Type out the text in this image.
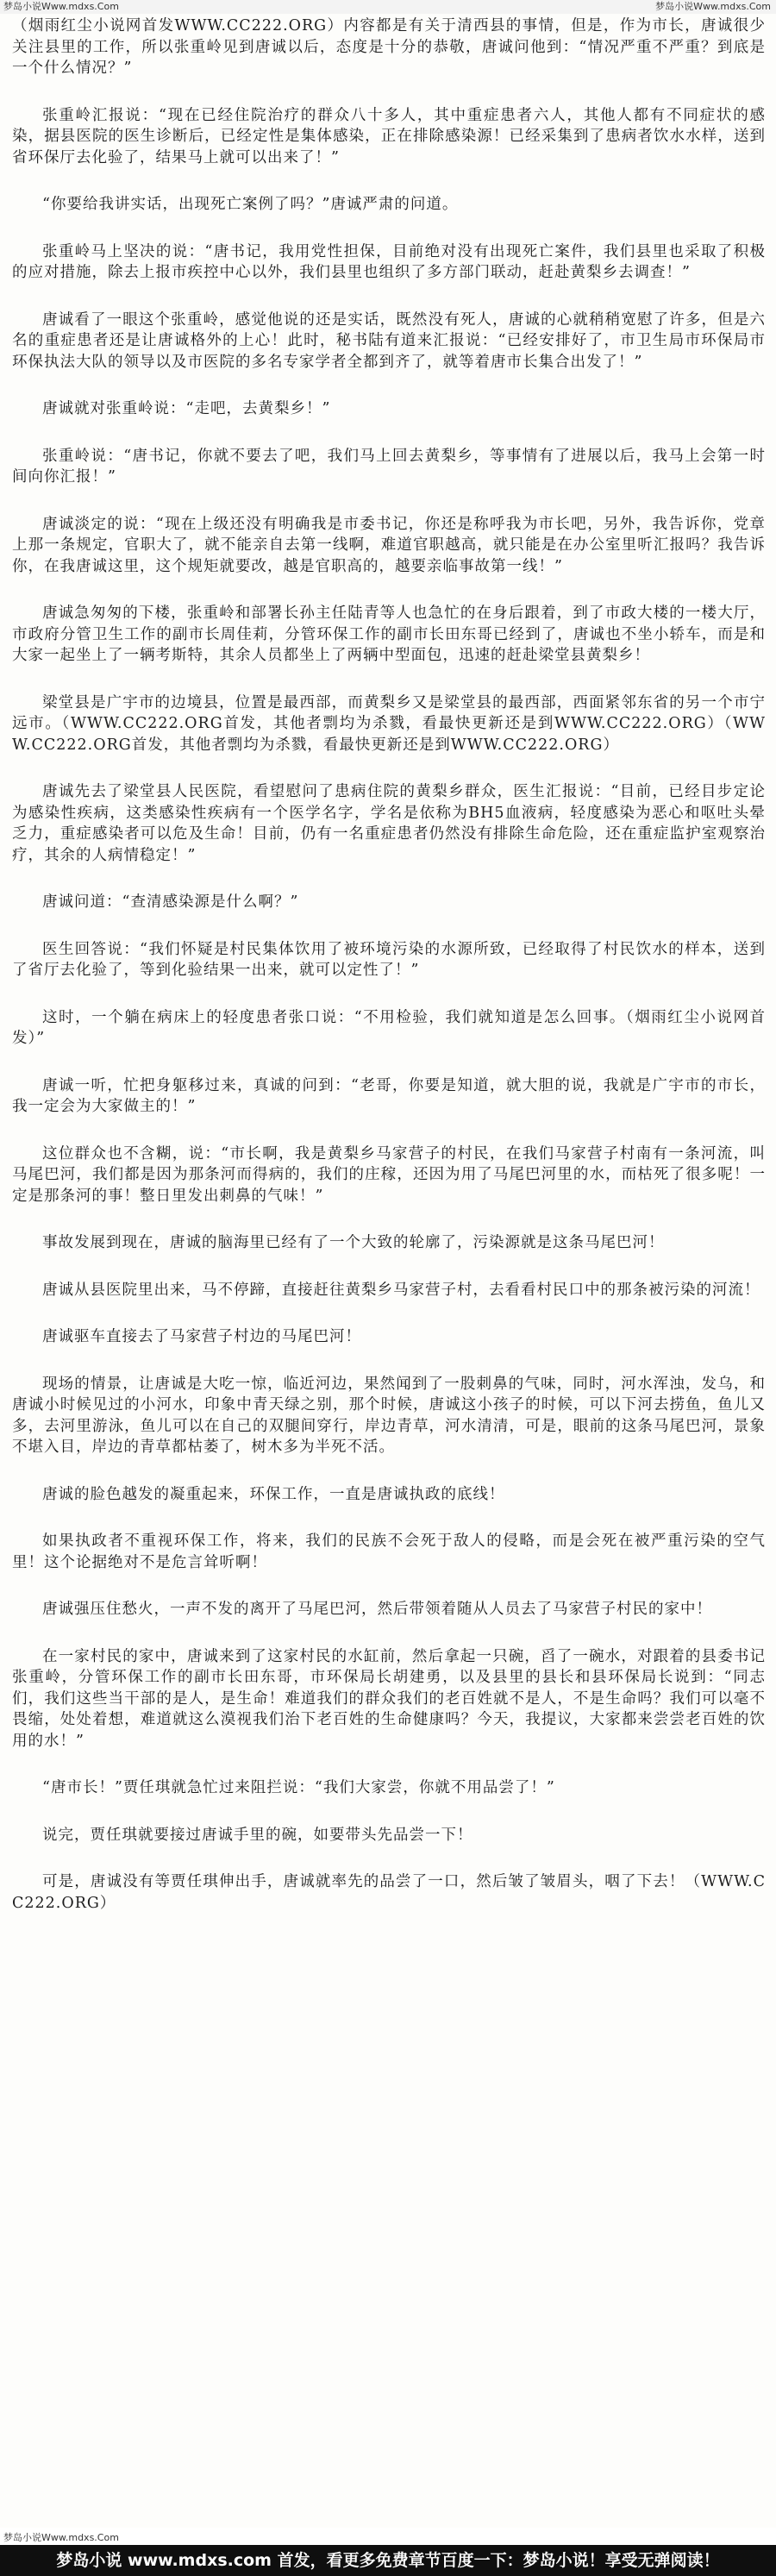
梦岛小说Www.mdxs.Com	梦岛小说Www.mdxs.Com

（烟雨红尘小说网首发WWW.CC222.ORG）内容都是有关于清西县的事情，但是，作为市长，唐诚很少关注县里的工作，所以张重岭见到唐诚以后，态度是十分的恭敬，唐诚问他到：“情况严重不严重？到底是一个什么情况？”

张重岭汇报说：“现在已经住院治疗的群众八十多人，其中重症患者六人，其他人都有不同症状的感染，据县医院的医生诊断后，已经定性是集体感染，正在排除感染源！已经采集到了患病者饮水水样，送到省环保厅去化验了，结果马上就可以出来了！”

“你要给我讲实话，出现死亡案例了吗？”唐诚严肃的问道。

张重岭马上坚决的说：“唐书记，我用党性担保，目前绝对没有出现死亡案件，我们县里也采取了积极的应对措施，除去上报市疾控中心以外，我们县里也组织了多方部门联动，赶赴黄梨乡去调查！”

唐诚看了一眼这个张重岭，感觉他说的还是实话，既然没有死人，唐诚的心就稍稍宽慰了许多，但是六名的重症患者还是让唐诚格外的上心！此时，秘书陆有道来汇报说：“已经安排好了，市卫生局市环保局市环保执法大队的领导以及市医院的多名专家学者全都到齐了，就等着唐市长集合出发了！”

唐诚就对张重岭说：“走吧，去黄梨乡！”

张重岭说：“唐书记，你就不要去了吧，我们马上回去黄梨乡，等事情有了进展以后，我马上会第一时间向你汇报！”

唐诚淡定的说：“现在上级还没有明确我是市委书记，你还是称呼我为市长吧，另外，我告诉你，党章上那一条规定，官职大了，就不能亲自去第一线啊，难道官职越高，就只能是在办公室里听汇报吗？我告诉你，在我唐诚这里，这个规矩就要改，越是官职高的，越要亲临事故第一线！”

唐诚急匆匆的下楼，张重岭和部署长孙主任陆青等人也急忙的在身后跟着，到了市政大楼的一楼大厅，市政府分管卫生工作的副市长周佳莉，分管环保工作的副市长田东哥已经到了，唐诚也不坐小轿车，而是和大家一起坐上了一辆考斯特，其余人员都坐上了两辆中型面包，迅速的赶赴梁堂县黄梨乡！

梁堂县是广宇市的边境县，位置是最西部，而黄梨乡又是梁堂县的最西部，西面紧邻东省的另一个市宁远市。（WWW.CC222.ORG首发，其他者剽均为杀戮，看最快更新还是到WWW.CC222.ORG）（WWW.CC222.ORG首发，其他者剽均为杀戮，看最快更新还是到WWW.CC222.ORG）

唐诚先去了梁堂县人民医院，看望慰问了患病住院的黄梨乡群众，医生汇报说：“目前，已经目步定论为感染性疾病，这类感染性疾病有一个医学名字，学名是依称为BH5血液病，轻度感染为恶心和呕吐头晕乏力，重症感染者可以危及生命！目前，仍有一名重症患者仍然没有排除生命危险，还在重症监护室观察治疗，其余的人病情稳定！”

唐诚问道：“查清感染源是什么啊？”

医生回答说：“我们怀疑是村民集体饮用了被环境污染的水源所致，已经取得了村民饮水的样本，送到了省厅去化验了，等到化验结果一出来，就可以定性了！”

这时，一个躺在病床上的轻度患者张口说：“不用检验，我们就知道是怎么回事。（烟雨红尘小说网首发）”

唐诚一听，忙把身躯移过来，真诚的问到：“老哥，你要是知道，就大胆的说，我就是广宇市的市长，我一定会为大家做主的！”

这位群众也不含糊，说：“市长啊，我是黄梨乡马家营子的村民，在我们马家营子村南有一条河流，叫马尾巴河，我们都是因为那条河而得病的，我们的庄稼，还因为用了马尾巴河里的水，而枯死了很多呢！一定是那条河的事！整日里发出刺鼻的气味！”

事故发展到现在，唐诚的脑海里已经有了一个大致的轮廓了，污染源就是这条马尾巴河！

唐诚从县医院里出来，马不停蹄，直接赶往黄梨乡马家营子村，去看看村民口中的那条被污染的河流！

唐诚驱车直接去了马家营子村边的马尾巴河！

现场的情景，让唐诚是大吃一惊，临近河边，果然闻到了一股刺鼻的气味，同时，河水浑浊，发乌，和唐诚小时候见过的小河水，印象中青天绿之别，那个时候，唐诚这小孩子的时候，可以下河去捞鱼，鱼儿又多，去河里游泳，鱼儿可以在自己的双腿间穿行，岸边青草，河水清清，可是，眼前的这条马尾巴河，景象不堪入目，岸边的青草都枯萎了，树木多为半死不活。

唐诚的脸色越发的凝重起来，环保工作，一直是唐诚执政的底线！

如果执政者不重视环保工作，将来，我们的民族不会死于敌人的侵略，而是会死在被严重污染的空气里！这个论据绝对不是危言耸听啊！

唐诚强压住愁火，一声不发的离开了马尾巴河，然后带领着随从人员去了马家营子村民的家中！

在一家村民的家中，唐诚来到了这家村民的水缸前，然后拿起一只碗，舀了一碗水，对跟着的县委书记张重岭，分管环保工作的副市长田东哥，市环保局长胡建勇，以及县里的县长和县环保局长说到：“同志们，我们这些当干部的是人，是生命！难道我们的群众我们的老百姓就不是人，不是生命吗？我们可以毫不畏缩，处处着想，难道就这么漠视我们治下老百姓的生命健康吗？今天，我提议，大家都来尝尝老百姓的饮用的水！”

“唐市长！”贾任琪就急忙过来阻拦说：“我们大家尝，你就不用品尝了！”

说完，贾任琪就要接过唐诚手里的碗，如要带头先品尝一下！

可是，唐诚没有等贾任琪伸出手，唐诚就率先的品尝了一口，然后皱了皱眉头，咽了下去！（WWW.CC222.ORG）

梦岛小说Www.mdxs.Com
梦岛小说 www.mdxs.com 首发，看更多免费章节百度一下：梦岛小说！享受无弹阅读！
